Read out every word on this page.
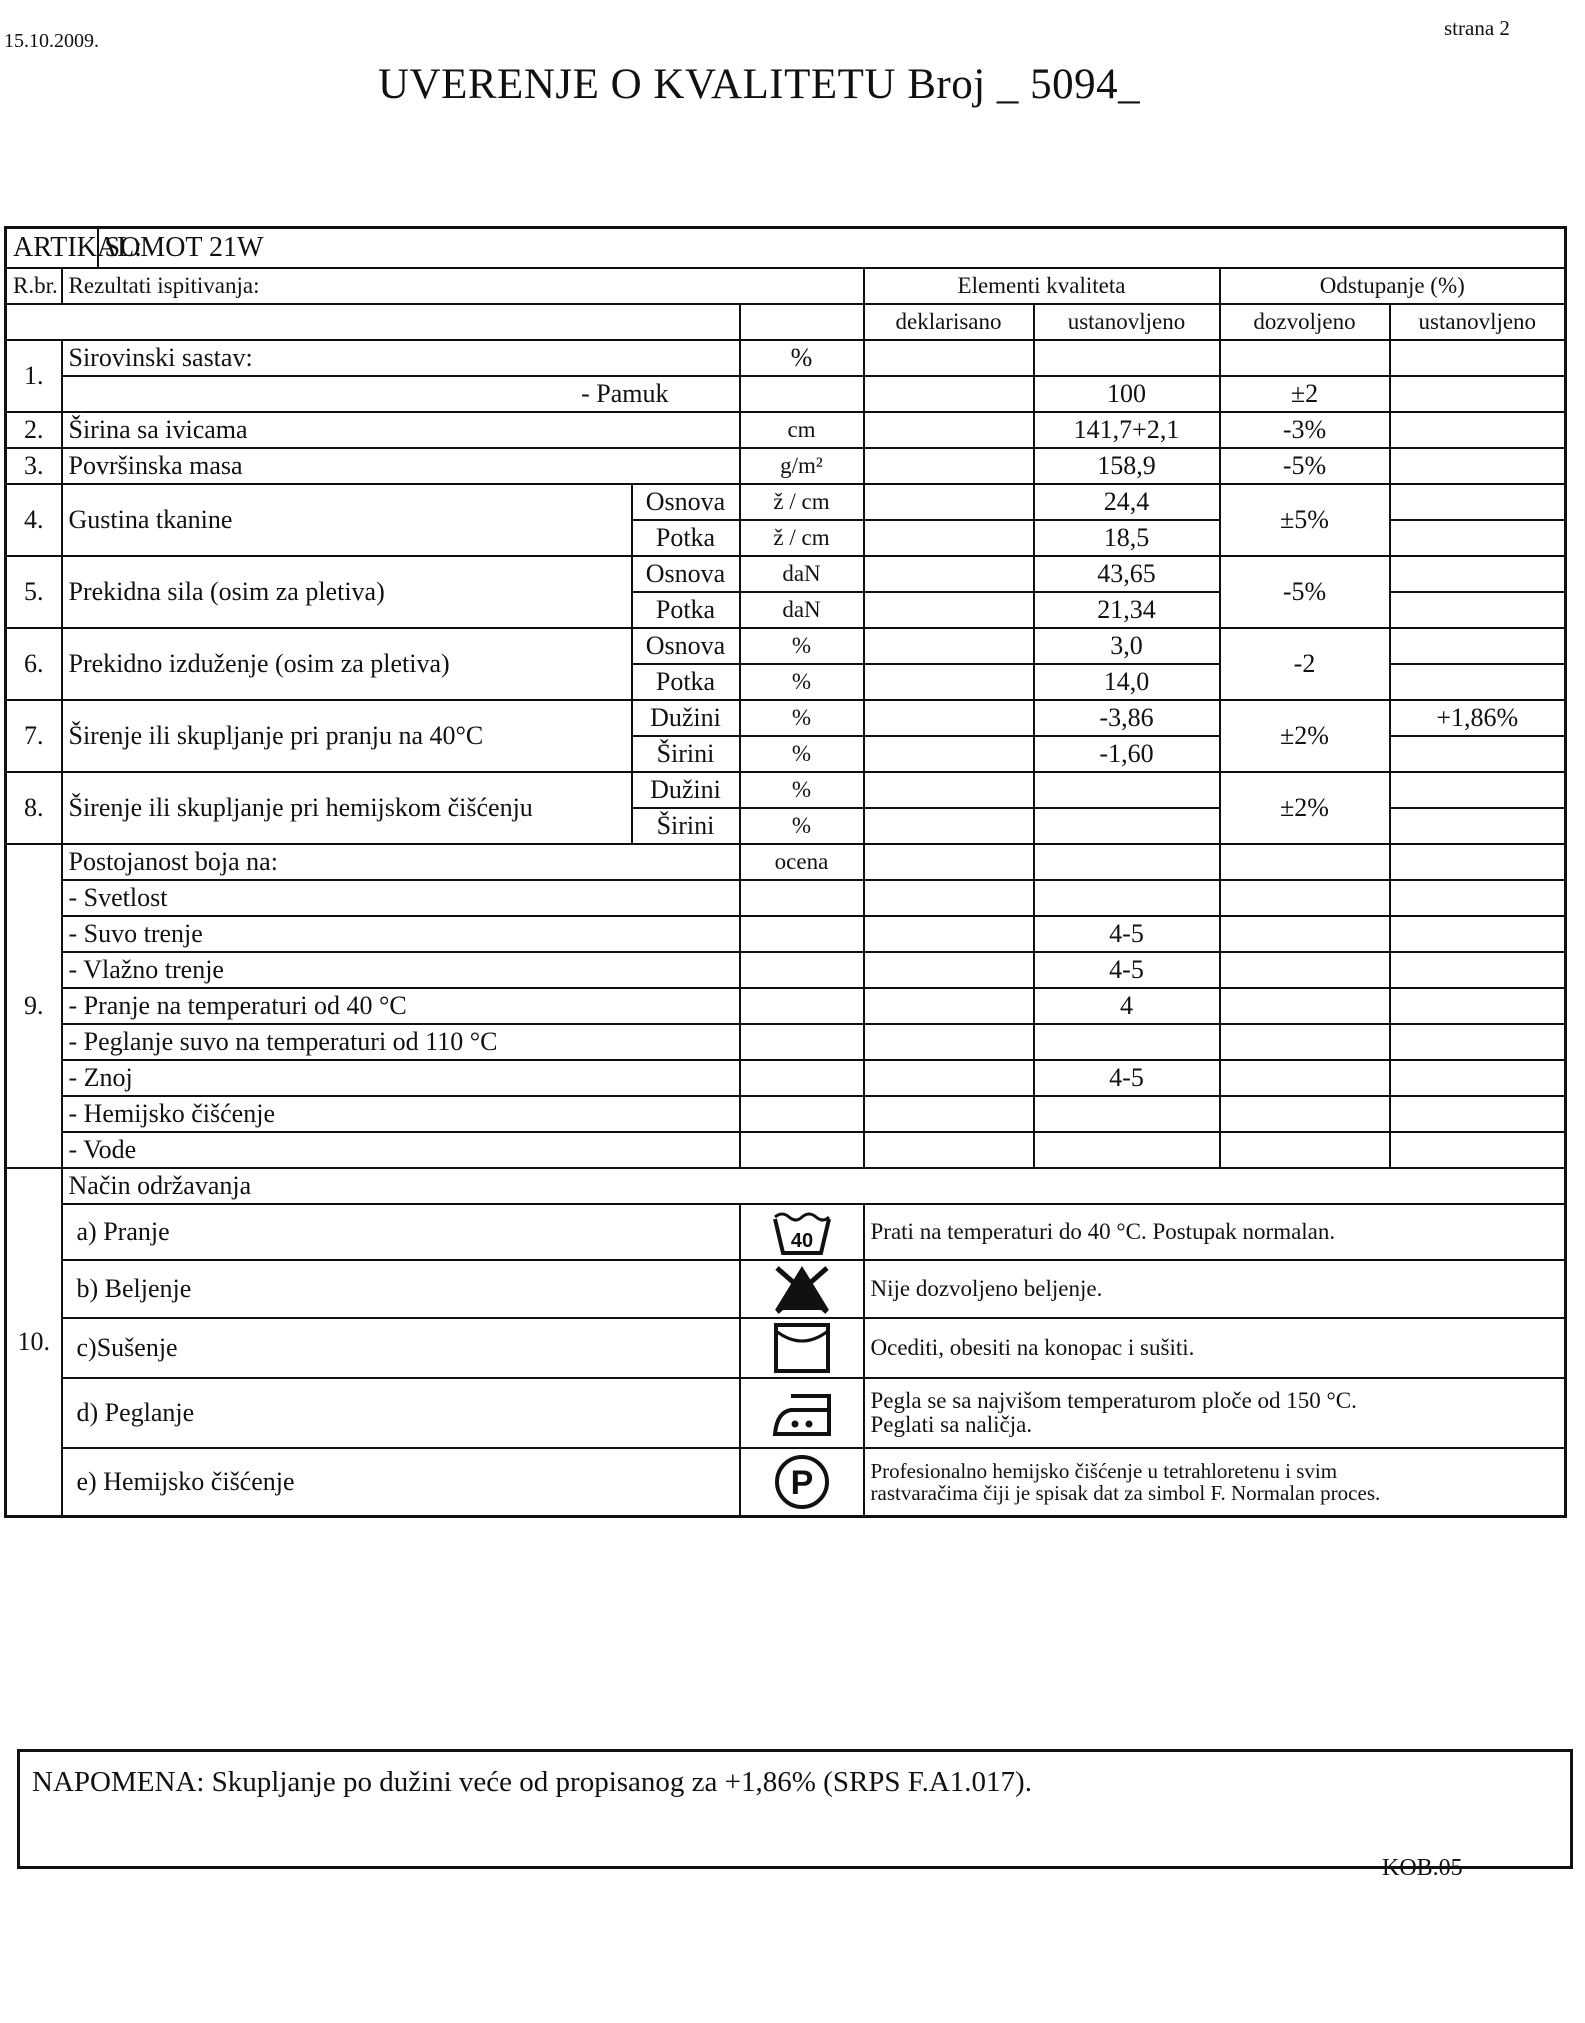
15.10.2009.
strana 2
UVERENJE O KVALITETU Broj _ 5094_
ARTIKAL:		SOMOT 21W						
R.br.	Rezultati ispitivanja:				Elementi kvaliteta		Odstupanje (%)	
					deklarisano	ustanovljeno	dozvoljeno	ustanovljeno
1.	Sirovinski sastav:			%				
	- Pamuk					100	±2	
2.	Širina sa ivicama			cm		141,7+2,1	-3%	
3.	Površinska masa			g/m²		158,9	-5%	
4.	Gustina tkanine		Osnova	ž / cm		24,4	±5%	
			Potka	ž / cm		18,5		
5.	Prekidna sila (osim za pletiva)		Osnova	daN		43,65	-5%	
			Potka	daN		21,34		
6.	Prekidno izduženje (osim za pletiva)		Osnova	%		3,0	-2	
			Potka	%		14,0		
7.	Širenje ili skupljanje pri pranju na 40°C		Dužini	%		-3,86	±2%	+1,86%
			Širini	%		-1,60		
8.	Širenje ili skupljanje pri hemijskom čišćenju		Dužini	%			±2%	
			Širini	%				
9.	Postojanost boja na:			ocena				
	- Svetlost							
	- Suvo trenje					4-5		
	- Vlažno trenje					4-5		
	- Pranje na temperaturi od 40 °C					4		
	- Peglanje suvo na temperaturi od 110 °C							
	- Znoj					4-5		
	- Hemijsko čišćenje							
	- Vode							
10.	Način održavanja							
	a) Pranje			40	Prati na temperaturi do 40 °C. Postupak normalan.			
	b) Beljenje				Nije dozvoljeno beljenje.			
	c)Sušenje				Ocediti, obesiti na konopac i sušiti.			
	d) Peglanje				Pegla se sa najvišom temperaturom ploče od 150 °C.
Peglati sa naličja.			

	e) Hemijsko čišćenje			P	Profesionalno hemijsko čišćenje u tetrahloretenu i svim
rastvaračima čiji je spisak dat za simbol F. Normalan proces.			
NAPOMENA: Skupljanje po dužini veće od propisanog za +1,86% (SRPS F.A1.017).
KOB.05
